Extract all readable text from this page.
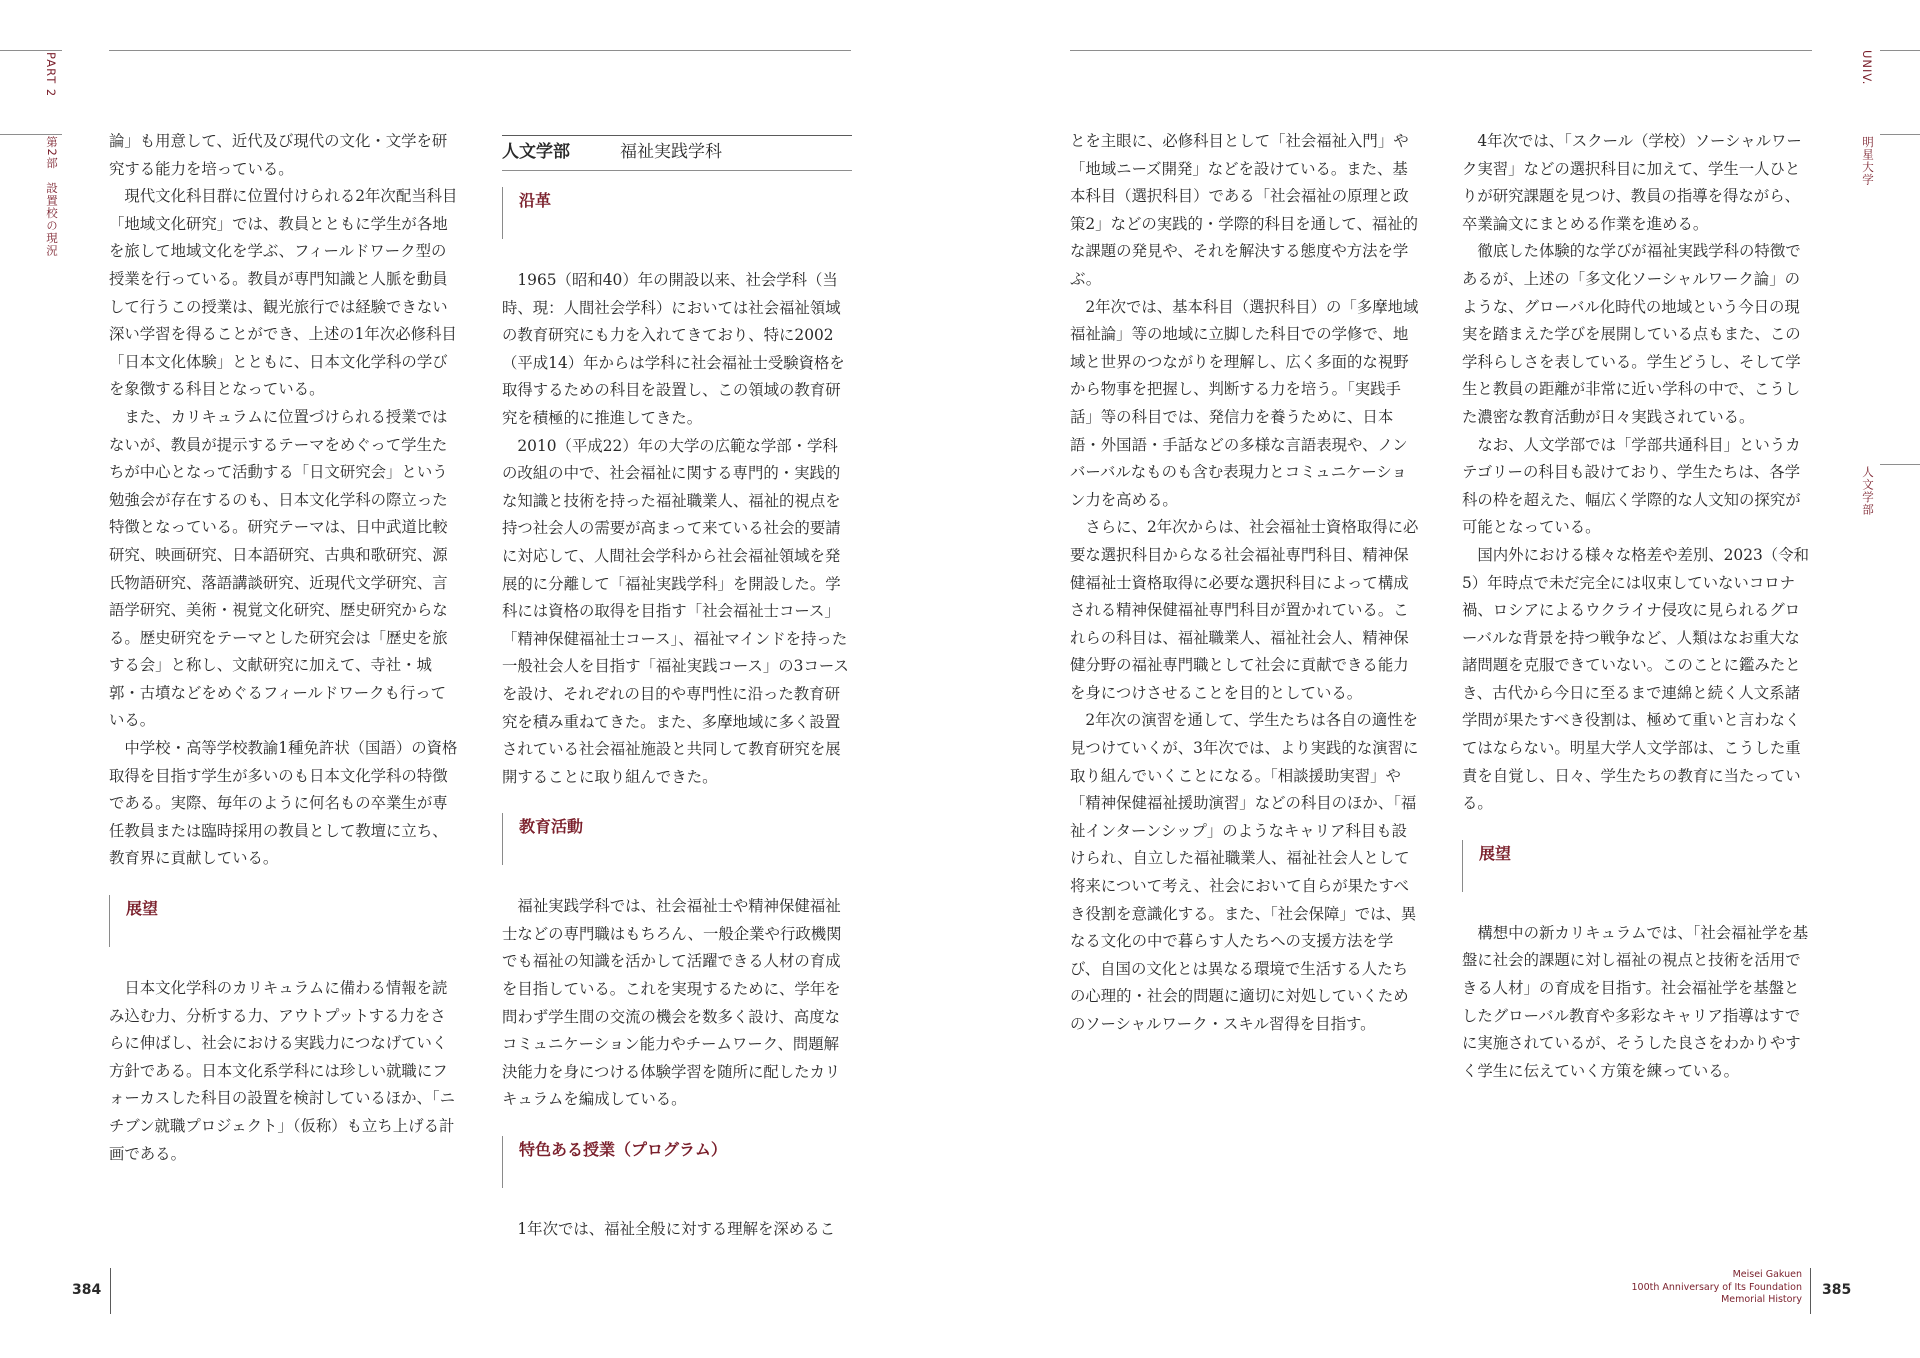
PART 2
第2部　設置校の現況	論」も用意して、近代及び現代の文化・文学を研究する能力を培っている。

現代文化科目群に位置付けられる2年次配当科目「地域文化研究」では、教員とともに学生が各地を旅して地域文化を学ぶ、フィールドワーク型の授業を行っている。教員が専門知識と人脈を動員して行うこの授業は、観光旅行では経験できない深い学習を得ることができ、上述の1年次必修科目「日本文化体験」とともに、日本文化学科の学びを象徴する科目となっている。

また、カリキュラムに位置づけられる授業ではないが、教員が提示するテーマをめぐって学生たちが中心となって活動する「日文研究会」という勉強会が存在するのも、日本文化学科の際立った特徴となっている。研究テーマは、日中武道比較研究、映画研究、日本語研究、古典和歌研究、源氏物語研究、落語講談研究、近現代文学研究、言語学研究、美術・視覚文化研究、歴史研究からなる。歴史研究をテーマとした研究会は「歴史を旅する会」と称し、文献研究に加えて、寺社・城郭・古墳などをめぐるフィールドワークも行っている。

中学校・高等学校教諭1種免許状（国語）の資格取得を目指す学生が多いのも日本文化学科の特徴である。実際、毎年のように何名もの卒業生が専任教員または臨時採用の教員として教壇に立ち、教育界に貢献している。

展望

日本文化学科のカリキュラムに備わる情報を読み込む力、分析する力、アウトプットする力をさらに伸ばし、社会における実践力につなげていく方針である。日本文化系学科には珍しい就職にフォーカスした科目の設置を検討しているほか、「ニチブン就職プロジェクト」（仮称）も立ち上げる計画である。

人文学部	福祉実践学科
沿革

1965（昭和40）年の開設以来、社会学科（当時、現：人間社会学科）においては社会福祉領域の教育研究にも力を入れてきており、特に2002（平成14）年からは学科に社会福祉士受験資格を取得するための科目を設置し、この領域の教育研究を積極的に推進してきた。

2010（平成22）年の大学の広範な学部・学科の改組の中で、社会福祉に関する専門的・実践的な知識と技術を持った福祉職業人、福祉的視点を持つ社会人の需要が高まって来ている社会的要請に対応して、人間社会学科から社会福祉領域を発展的に分離して「福祉実践学科」を開設した。学科には資格の取得を目指す「社会福祉士コース」「精神保健福祉士コース」、福祉マインドを持った一般社会人を目指す「福祉実践コース」の3コースを設け、それぞれの目的や専門性に沿った教育研究を積み重ねてきた。また、多摩地域に多く設置されている社会福祉施設と共同して教育研究を展開することに取り組んできた。

教育活動

福祉実践学科では、社会福祉士や精神保健福祉士などの専門職はもちろん、一般企業や行政機関でも福祉の知識を活かして活躍できる人材の育成を目指している。これを実現するために、学年を問わず学生間の交流の機会を数多く設け、高度なコミュニケーション能力やチームワーク、問題解決能力を身につける体験学習を随所に配したカリキュラムを編成している。

特色ある授業（プログラム）

1年次では、福祉全般に対する理解を深めるこ

384
UNIV.
明星大学
人文学部

とを主眼に、必修科目として「社会福祉入門」や「地域ニーズ開発」などを設けている。また、基本科目（選択科目）である「社会福祉の原理と政策2」などの実践的・学際的科目を通して、福祉的な課題の発見や、それを解決する態度や方法を学ぶ。

2年次では、基本科目（選択科目）の「多摩地域福祉論」等の地域に立脚した科目での学修で、地域と世界のつながりを理解し、広く多面的な視野から物事を把握し、判断する力を培う。「実践手話」等の科目では、発信力を養うために、日本語・外国語・手話などの多様な言語表現や、ノンバーバルなものも含む表現力とコミュニケーション力を高める。

さらに、2年次からは、社会福祉士資格取得に必要な選択科目からなる社会福祉専門科目、精神保健福祉士資格取得に必要な選択科目によって構成される精神保健福祉専門科目が置かれている。これらの科目は、福祉職業人、福祉社会人、精神保健分野の福祉専門職として社会に貢献できる能力を身につけさせることを目的としている。

2年次の演習を通して、学生たちは各自の適性を見つけていくが、3年次では、より実践的な演習に取り組んでいくことになる。「相談援助実習」や「精神保健福祉援助演習」などの科目のほか、「福祉インターンシップ」のようなキャリア科目も設けられ、自立した福祉職業人、福祉社会人として将来について考え、社会において自らが果たすべき役割を意識化する。また、「社会保障」では、異なる文化の中で暮らす人たちへの支援方法を学び、自国の文化とは異なる環境で生活する人たちの心理的・社会的問題に適切に対処していくためのソーシャルワーク・スキル習得を目指す。

4年次では、「スクール（学校）ソーシャルワーク実習」などの選択科目に加えて、学生一人ひとりが研究課題を見つけ、教員の指導を得ながら、卒業論文にまとめる作業を進める。

徹底した体験的な学びが福祉実践学科の特徴であるが、上述の「多文化ソーシャルワーク論」のような、グローバル化時代の地域という今日の現実を踏まえた学びを展開している点もまた、この学科らしさを表している。学生どうし、そして学生と教員の距離が非常に近い学科の中で、こうした濃密な教育活動が日々実践されている。

なお、人文学部では「学部共通科目」というカテゴリーの科目も設けており、学生たちは、各学科の枠を超えた、幅広く学際的な人文知の探究が可能となっている。

国内外における様々な格差や差別、2023（令和5）年時点で未だ完全には収束していないコロナ禍、ロシアによるウクライナ侵攻に見られるグローバルな背景を持つ戦争など、人類はなお重大な諸問題を克服できていない。このことに鑑みたとき、古代から今日に至るまで連綿と続く人文系諸学問が果たすべき役割は、極めて重いと言わなくてはならない。明星大学人文学部は、こうした重責を自覚し、日々、学生たちの教育に当たっている。

展望

構想中の新カリキュラムでは、「社会福祉学を基盤に社会的課題に対し福祉の視点と技術を活用できる人材」の育成を目指す。社会福祉学を基盤としたグローバル教育や多彩なキャリア指導はすでに実施されているが、そうした良さをわかりやすく学生に伝えていく方策を練っている。

Meisei Gakuen
100th Anniversary of Its Foundation
Memorial History
385
